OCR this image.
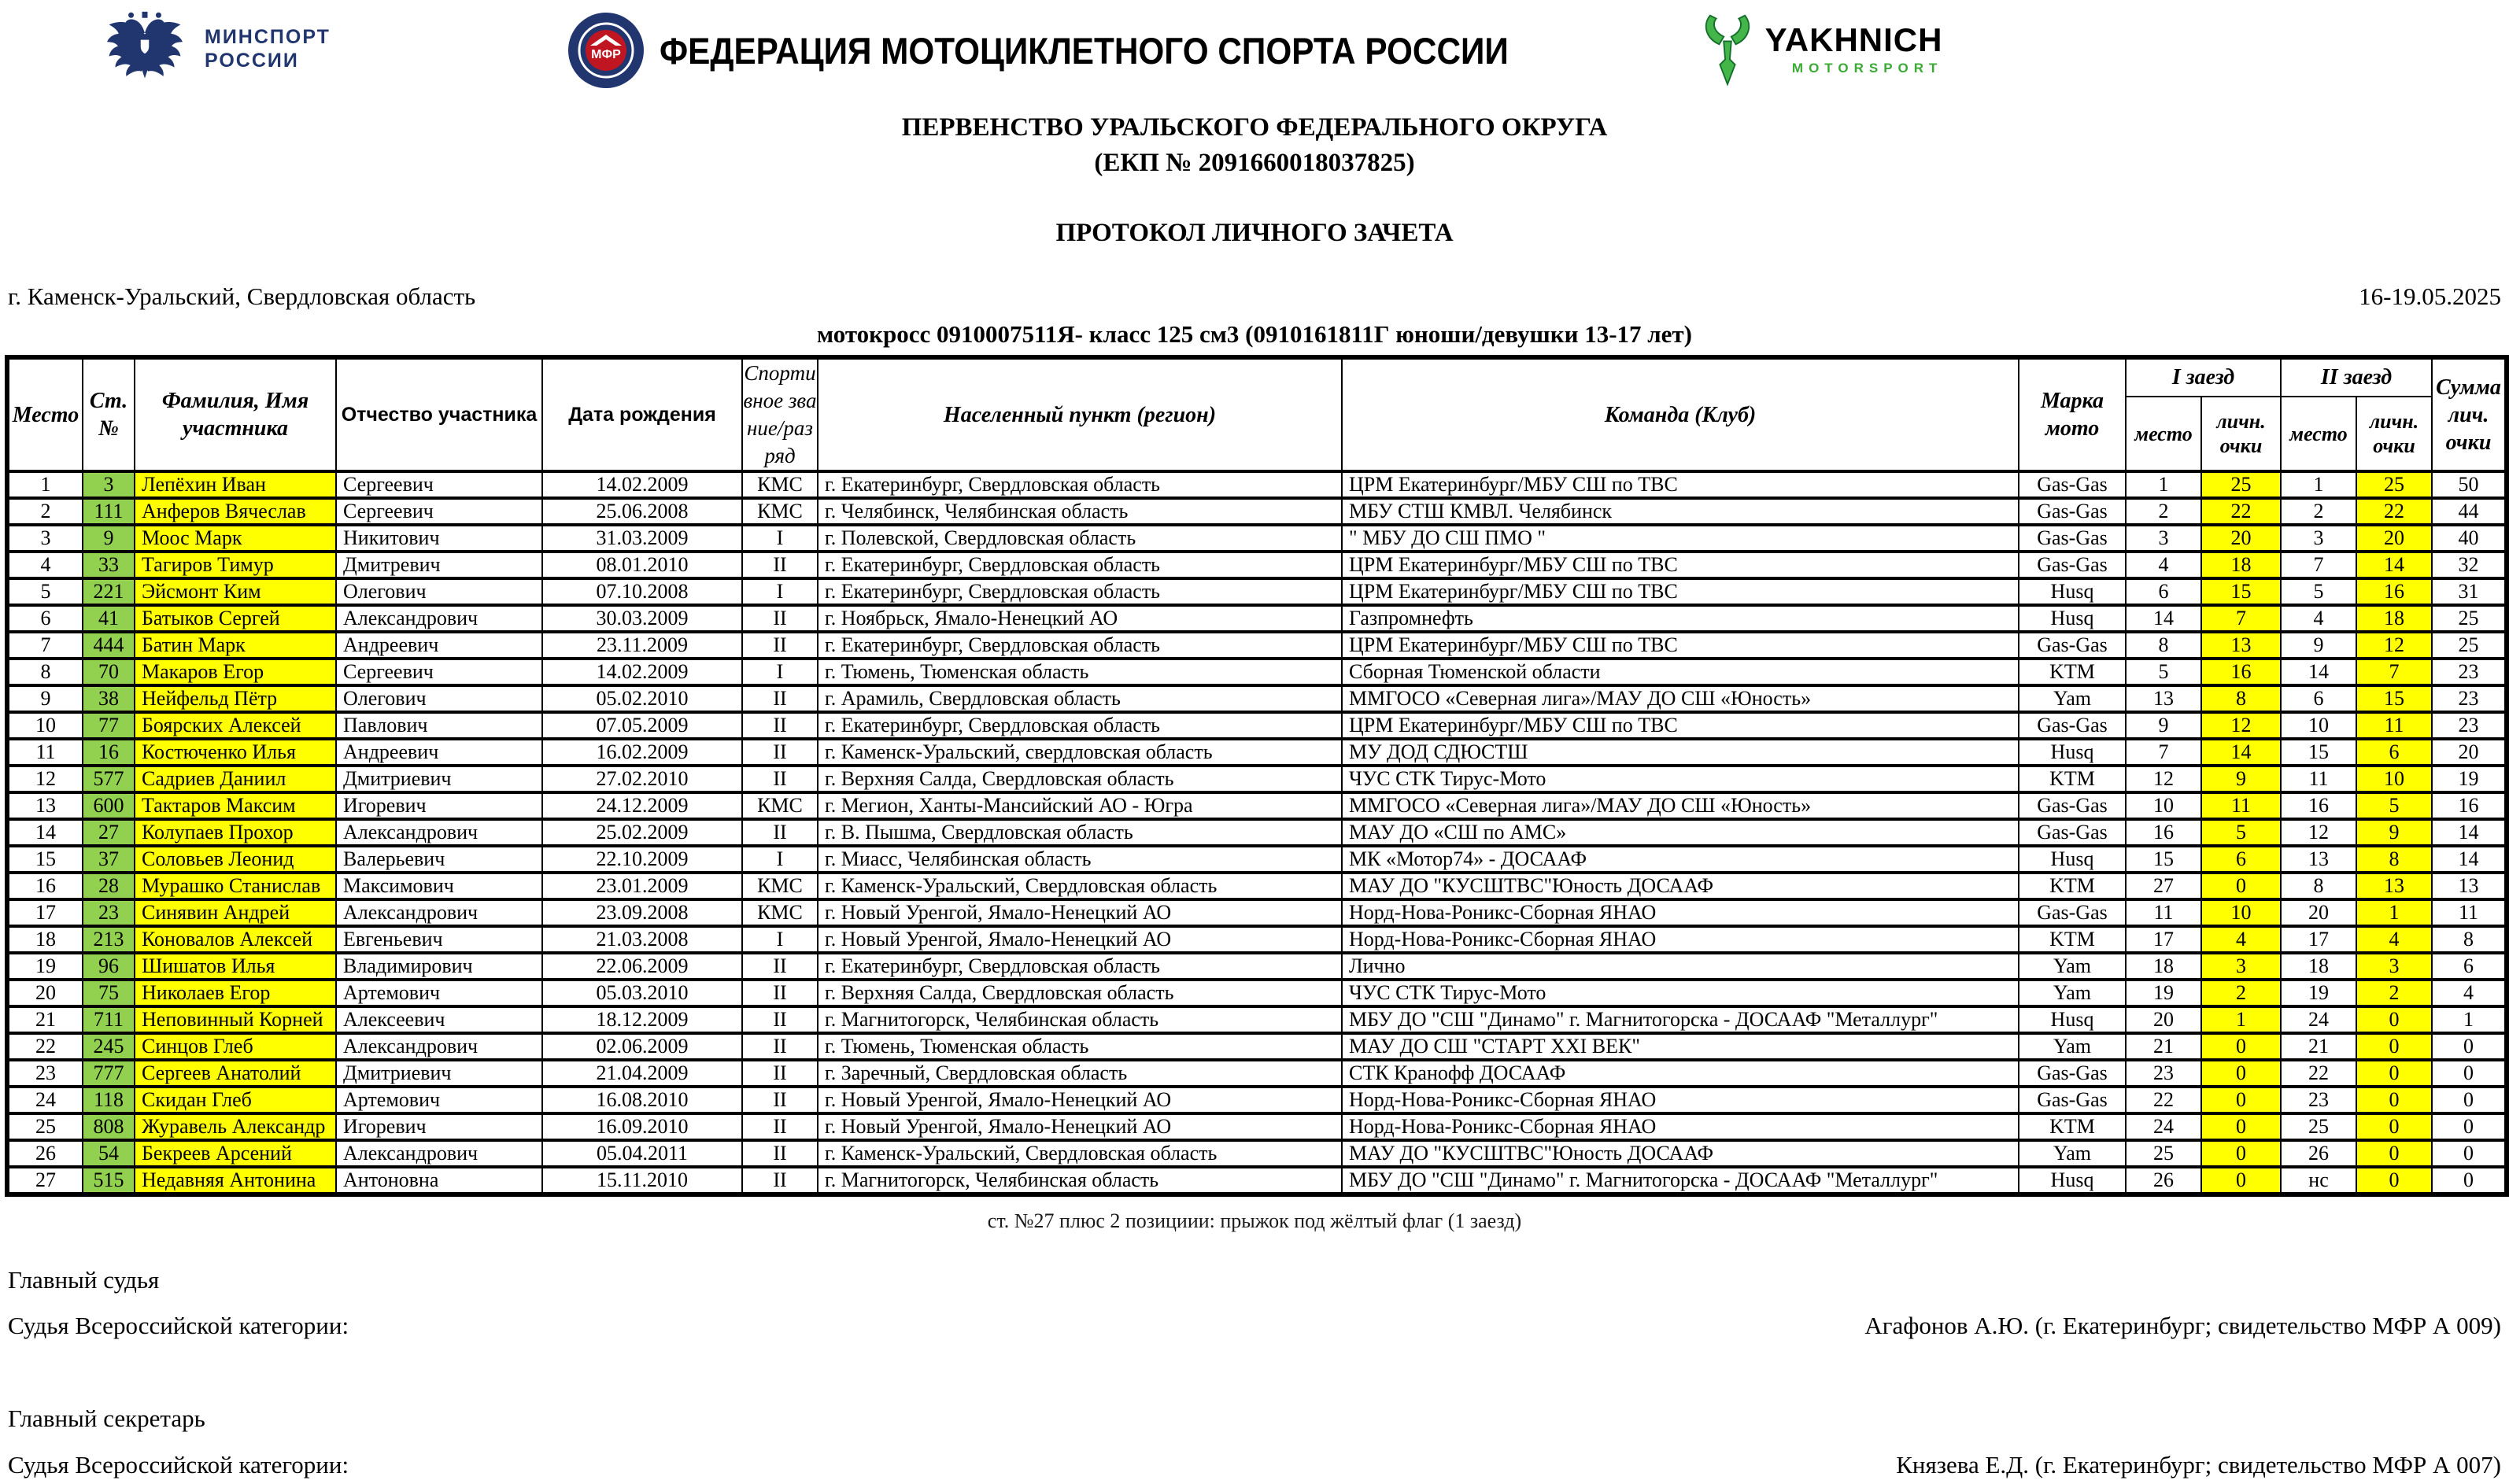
МИНСПОРТ
РОССИИ	МФР ФЕДЕРАЦИЯ МОТОЦИКЛЕТНОГО СПОРТА РОССИИ	YAKHNICH
MOTORSPORT
ПЕРВЕНСТВО УРАЛЬСКОГО ФЕДЕРАЛЬНОГО ОКРУГА
(ЕКП № 2091660018037825)
ПРОТОКОЛ ЛИЧНОГО ЗАЧЕТА
г. Каменск-Уральский, Свердловская область	16-19.05.2025
мотокросс 0910007511Я- класс 125 см3 (0910161811Г юноши/девушки 13-17 лет)
Место	Ст. №	Фамилия, Имя участника	Отчество участника	Дата рождения	Спортивное звание/разряд	Населенный пункт (регион)	Команда (Клуб)	Марка мото	I заезд		II заезд		Сумма лич. очки
									место	личн. очки	место	личн. очки	
1	3	Лепёхин Иван	Сергеевич	14.02.2009	КМС	г. Екатеринбург, Свердловская область	ЦРМ Екатеринбург/МБУ СШ по ТВС	Gas-Gas	1	25	1	25	50
2	111	Анферов Вячеслав	Сергеевич	25.06.2008	КМС	г. Челябинск, Челябинская область	МБУ СТШ КМВЛ. Челябинск	Gas-Gas	2	22	2	22	44
3	9	Моос Марк	Никитович	31.03.2009	I	г. Полевской, Свердловская область	" МБУ ДО СШ ПМО "	Gas-Gas	3	20	3	20	40
4	33	Тагиров Тимур	Дмитревич	08.01.2010	II	г. Екатеринбург, Свердловская область	ЦРМ Екатеринбург/МБУ СШ по ТВС	Gas-Gas	4	18	7	14	32
5	221	Эйсмонт Ким	Олегович	07.10.2008	I	г. Екатеринбург, Свердловская область	ЦРМ Екатеринбург/МБУ СШ по ТВС	Husq	6	15	5	16	31
6	41	Батыков Сергей	Александрович	30.03.2009	II	г. Ноябрьск, Ямало-Ненецкий АО	Газпромнефть	Husq	14	7	4	18	25
7	444	Батин Марк	Андреевич	23.11.2009	II	г. Екатеринбург, Свердловская область	ЦРМ Екатеринбург/МБУ СШ по ТВС	Gas-Gas	8	13	9	12	25
8	70	Макаров Егор	Сергеевич	14.02.2009	I	г. Тюмень, Тюменская область	Сборная Тюменской области	KTM	5	16	14	7	23
9	38	Нейфельд Пётр	Олегович	05.02.2010	II	г. Арамиль, Свердловская область	ММГОСО «Северная лига»/МАУ ДО СШ «Юность»	Yam	13	8	6	15	23
10	77	Боярских Алексей	Павлович	07.05.2009	II	г. Екатеринбург, Свердловская область	ЦРМ Екатеринбург/МБУ СШ по ТВС	Gas-Gas	9	12	10	11	23
11	16	Костюченко Илья	Андреевич	16.02.2009	II	г. Каменск-Уральский, свердловская область	МУ ДОД СДЮСТШ	Husq	7	14	15	6	20
12	577	Садриев Даниил	Дмитриевич	27.02.2010	II	г. Верхняя Салда, Свердловская область	ЧУС СТК Тирус-Мото	KTM	12	9	11	10	19
13	600	Тактаров Максим	Игоревич	24.12.2009	КМС	г. Мегион, Ханты-Мансийский АО - Югра	ММГОСО «Северная лига»/МАУ ДО СШ «Юность»	Gas-Gas	10	11	16	5	16
14	27	Колупаев Прохор	Александрович	25.02.2009	II	г. В. Пышма, Свердловская область	МАУ ДО «СШ по АМС»	Gas-Gas	16	5	12	9	14
15	37	Соловьев Леонид	Валерьевич	22.10.2009	I	г. Миасс, Челябинская область	МК «Мотор74» - ДОСААФ	Husq	15	6	13	8	14
16	28	Мурашко Станислав	Максимович	23.01.2009	КМС	г. Каменск-Уральский, Свердловская область	МАУ ДО "КУСШТВС"Юность ДОСААФ	KTM	27	0	8	13	13
17	23	Синявин Андрей	Александрович	23.09.2008	КМС	г. Новый Уренгой, Ямало-Ненецкий АО	Норд-Нова-Роникс-Сборная ЯНАО	Gas-Gas	11	10	20	1	11
18	213	Коновалов Алексей	Евгеньевич	21.03.2008	I	г. Новый Уренгой, Ямало-Ненецкий АО	Норд-Нова-Роникс-Сборная ЯНАО	KTM	17	4	17	4	8
19	96	Шишатов Илья	Владимирович	22.06.2009	II	г. Екатеринбург, Свердловская область	Лично	Yam	18	3	18	3	6
20	75	Николаев Егор	Артемович	05.03.2010	II	г. Верхняя Салда, Свердловская область	ЧУС СТК Тирус-Мото	Yam	19	2	19	2	4
21	711	Неповинный Корней	Алексеевич	18.12.2009	II	г. Магнитогорск, Челябинская область	МБУ ДО "СШ "Динамо" г. Магнитогорска - ДОСААФ "Металлург"	Husq	20	1	24	0	1
22	245	Синцов Глеб	Александрович	02.06.2009	II	г. Тюмень, Тюменская область	МАУ ДО СШ "СТАРТ XXI ВЕК"	Yam	21	0	21	0	0
23	777	Сергеев Анатолий	Дмитриевич	21.04.2009	II	г. Заречный, Свердловская область	СТК Кранофф ДОСААФ	Gas-Gas	23	0	22	0	0
24	118	Скидан Глеб	Артемович	16.08.2010	II	г. Новый Уренгой, Ямало-Ненецкий АО	Норд-Нова-Роникс-Сборная ЯНАО	Gas-Gas	22	0	23	0	0
25	808	Журавель Александр	Игоревич	16.09.2010	II	г. Новый Уренгой, Ямало-Ненецкий АО	Норд-Нова-Роникс-Сборная ЯНАО	KTM	24	0	25	0	0
26	54	Бекреев Арсений	Александрович	05.04.2011	II	г. Каменск-Уральский, Свердловская область	МАУ ДО "КУСШТВС"Юность ДОСААФ	Yam	25	0	26	0	0
27	515	Недавняя Антонина	Антоновна	15.11.2010	II	г. Магнитогорск, Челябинская область	МБУ ДО "СШ "Динамо" г. Магнитогорска - ДОСААФ "Металлург"	Husq	26	0	нс	0	0
ст. №27 плюс 2 позициии: прыжок под жёлтый флаг (1 заезд)
Главный судья
Судья Всероссийской категории:	Агафонов А.Ю. (г. Екатеринбург; свидетельство МФР А 009)
Главный секретарь
Судья Всероссийской категории:	Князева Е.Д. (г. Екатеринбург; свидетельство МФР А 007)
